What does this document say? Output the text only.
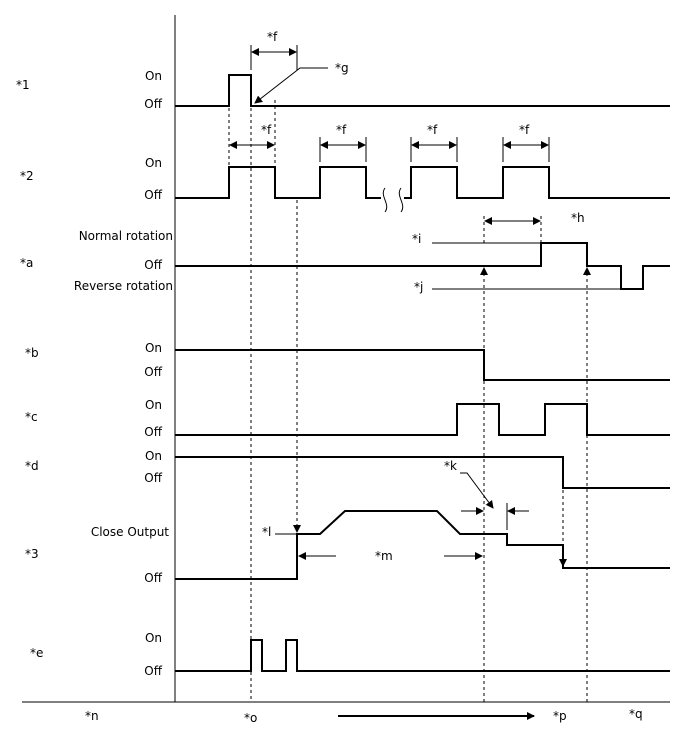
*1
*2
*a
*b
*c
*d
*3
*e
On
Off
On
Off
Normal rotation
Off
Reverse rotation
On
Off
On
Off
On
Off
Close Output
Off
On
Off
*f
*g
*f	*f	*f	*f
*h
*i
*j
*k
*l
*m
*n	*o	*p	*q
